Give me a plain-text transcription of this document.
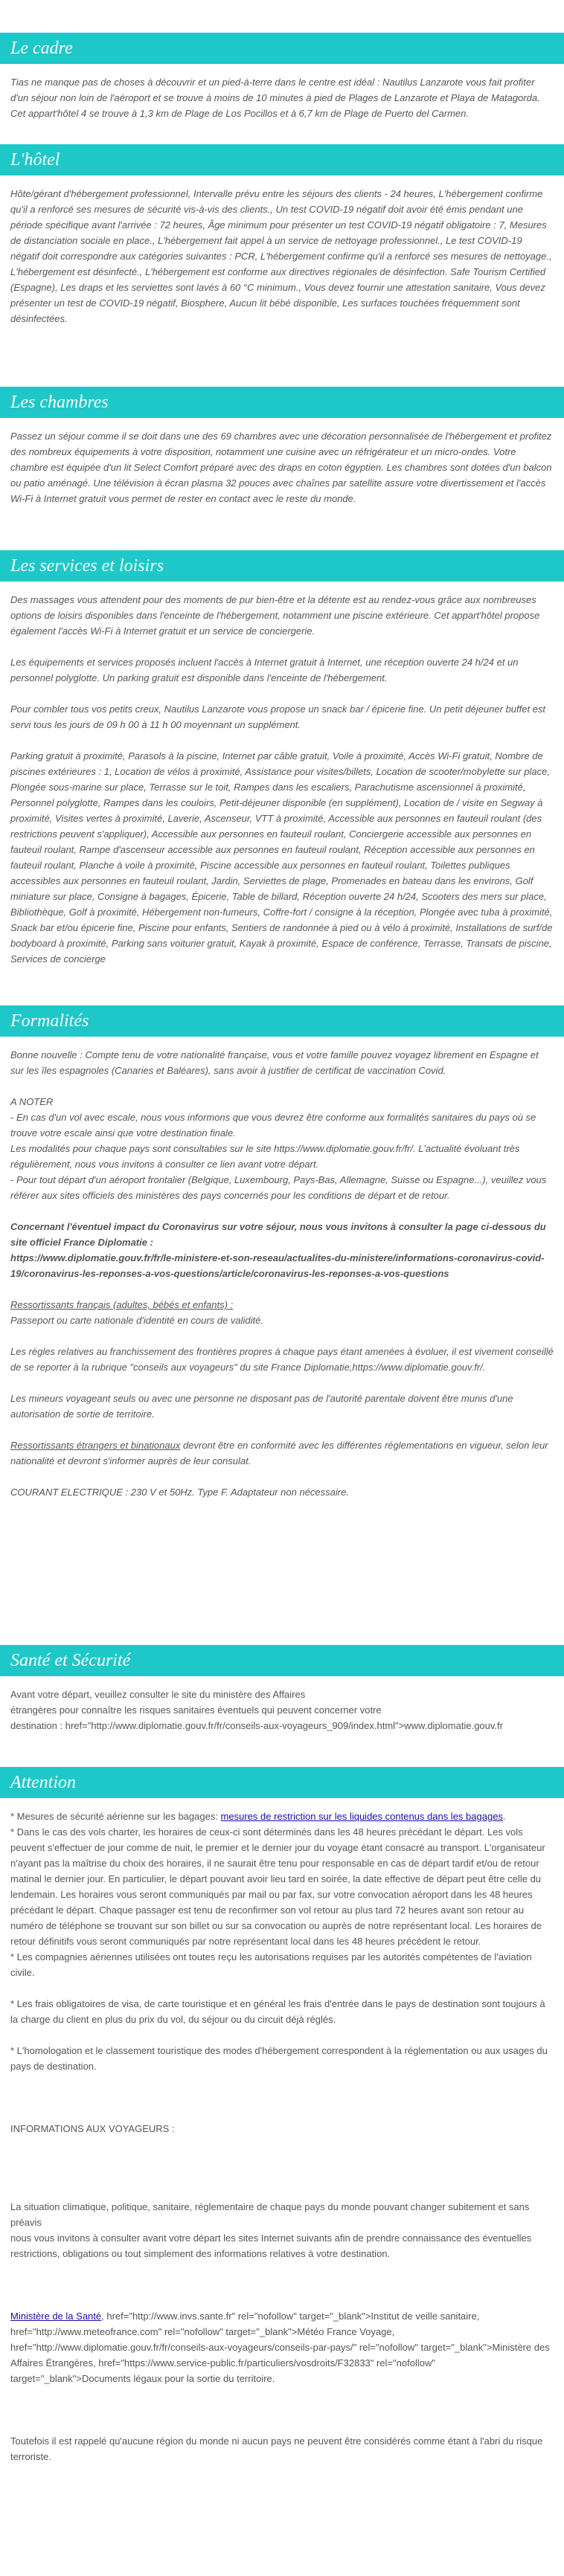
Le cadre

Tias ne manque pas de choses à découvrir et un pied-à-terre dans le centre est idéal : Nautilus Lanzarote vous fait profiter d'un séjour non loin de l'aéroport et se trouve à moins de 10 minutes à pied de Plages de Lanzarote et Playa de Matagorda. Cet appart'hôtel 4 se trouve à 1,3 km de Plage de Los Pocillos et à 6,7 km de Plage de Puerto del Carmen.

L'hôtel

Hôte/gérant d'hébergement professionnel, Intervalle prévu entre les séjours des clients - 24 heures, L'hébergement confirme qu'il a renforcé ses mesures de sécurité vis-à-vis des clients., Un test COVID-19 négatif doit avoir été émis pendant une période spécifique avant l'arrivée : 72 heures, Âge minimum pour présenter un test COVID-19 négatif obligatoire : 7, Mesures de distanciation sociale en place., L'hébergement fait appel à un service de nettoyage professionnel., Le test COVID-19 négatif doit correspondre aux catégories suivantes : PCR, L'hébergement confirme qu'il a renforcé ses mesures de nettoyage., L'hébergement est désinfecté., L'hébergement est conforme aux directives régionales de désinfection. Safe Tourism Certified (Espagne), Les draps et les serviettes sont lavés à 60 °C minimum., Vous devez fournir une attestation sanitaire, Vous devez présenter un test de COVID-19 négatif, Biosphere, Aucun lit bébé disponible, Les surfaces touchées fréquemment sont désinfectées.

Les chambres

Passez un séjour comme il se doit dans une des 69 chambres avec une décoration personnalisée de l'hébergement et profitez des nombreux équipements à votre disposition, notamment une cuisine avec un réfrigérateur et un micro-ondes. Votre chambre est équipée d'un lit Select Comfort préparé avec des draps en coton égyptien. Les chambres sont dotées d'un balcon ou patio aménagé. Une télévision à écran plasma 32 pouces avec chaînes par satellite assure votre divertissement et l'accès Wi-Fi à Internet gratuit vous permet de rester en contact avec le reste du monde.

Les services et loisirs

Des massages vous attendent pour des moments de pur bien-être et la détente est au rendez-vous grâce aux nombreuses options de loisirs disponibles dans l'enceinte de l'hébergement, notamment une piscine extérieure. Cet appart'hôtel propose également l'accès Wi-Fi à Internet gratuit et un service de conciergerie.

Les équipements et services proposés incluent l'accès à Internet gratuit à Internet, une réception ouverte 24 h/24 et un personnel polyglotte. Un parking gratuit est disponible dans l'enceinte de l'hébergement.

Pour combler tous vos petits creux, Nautilus Lanzarote vous propose un snack bar / épicerie fine. Un petit déjeuner buffet est servi tous les jours de 09 h 00 à 11 h 00 moyennant un supplément.

Parking gratuit à proximité, Parasols à la piscine, Internet par câble gratuit, Voile à proximité, Accès Wi-Fi gratuit, Nombre de piscines extérieures : 1, Location de vélos à proximité, Assistance pour visites/billets, Location de scooter/mobylette sur place, Plongée sous-marine sur place, Terrasse sur le toit, Rampes dans les escaliers, Parachutisme ascensionnel à proximité, Personnel polyglotte, Rampes dans les couloirs, Petit-déjeuner disponible (en supplément), Location de / visite en Segway à proximité, Visites vertes à proximité, Laverie, Ascenseur, VTT à proximité, Accessible aux personnes en fauteuil roulant (des restrictions peuvent s'appliquer), Accessible aux personnes en fauteuil roulant, Conciergerie accessible aux personnes en fauteuil roulant, Rampe d'ascenseur accessible aux personnes en fauteuil roulant, Réception accessible aux personnes en fauteuil roulant, Planche à voile à proximité, Piscine accessible aux personnes en fauteuil roulant, Toilettes publiques accessibles aux personnes en fauteuil roulant, Jardin, Serviettes de plage, Promenades en bateau dans les environs, Golf miniature sur place, Consigne à bagages, Épicerie, Table de billard, Réception ouverte 24 h/24, Scooters des mers sur place, Bibliothèque, Golf à proximité, Hébergement non-fumeurs, Coffre-fort / consigne à la réception, Plongée avec tuba à proximité, Snack bar et/ou épicerie fine, Piscine pour enfants, Sentiers de randonnée à pied ou à vélo à proximité, Installations de surf/de bodyboard à proximité, Parking sans voiturier gratuit, Kayak à proximité, Espace de conférence, Terrasse, Transats de piscine, Services de concierge

Formalités

Bonne nouvelle : Compte tenu de votre nationalité française, vous et votre famille pouvez voyagez librement en Espagne et sur les îles espagnoles (Canaries et Baléares), sans avoir à justifier de certificat de vaccination Covid.

A NOTER
- En cas d'un vol avec escale, nous vous informons que vous devrez être conforme aux formalités sanitaires du pays où se trouve votre escale ainsi que votre destination finale.
Les modalités pour chaque pays sont consultables sur le site https://www.diplomatie.gouv.fr/fr/. L'actualité évoluant très régulièrement, nous vous invitons à consulter ce lien avant votre départ.
- Pour tout départ d'un aéroport frontalier (Belgique, Luxembourg, Pays-Bas, Allemagne, Suisse ou Espagne...), veuillez vous référer aux sites officiels des ministères des pays concernés pour les conditions de départ et de retour.

Concernant l'éventuel impact du Coronavirus sur votre séjour, nous vous invitons à consulter la page ci-dessous du site officiel France Diplomatie :
https://www.diplomatie.gouv.fr/fr/le-ministere-et-son-reseau/actualites-du-ministere/informations-coronavirus-covid-19/coronavirus-les-reponses-a-vos-questions/article/coronavirus-les-reponses-a-vos-questions

Ressortissants français (adultes, bébés et enfants) :
Passeport ou carte nationale d'identité en cours de validité.

Les règles relatives au franchissement des frontières propres à chaque pays étant amenées à évoluer, il est vivement conseillé de se reporter à la rubrique "conseils aux voyageurs" du site France Diplomatie,https://www.diplomatie.gouv.fr/.

Les mineurs voyageant seuls ou avec une personne ne disposant pas de l'autorité parentale doivent être munis d'une autorisation de sortie de territoire.

Ressortissants étrangers et binationaux devront être en conformité avec les différentes réglementations en vigueur, selon leur nationalité et devront s'informer auprès de leur consulat.

COURANT ELECTRIQUE : 230 V et 50Hz. Type F. Adaptateur non nécessaire.

Santé et Sécurité

Avant votre départ, veuillez consulter le site du ministère des Affaires
étrangères pour connaître les risques sanitaires éventuels qui peuvent concerner votre
destination : href="http://www.diplomatie.gouv.fr/fr/conseils-aux-voyageurs_909/index.html">www.diplomatie.gouv.fr

Attention

* Mesures de sécurité aérienne sur les bagages: mesures de restriction sur les liquides contenus dans les bagages.

* Dans le cas des vols charter, les horaires de ceux-ci sont déterminés dans les 48 heures précédant le départ. Les vols peuvent s'effectuer de jour comme de nuit, le premier et le dernier jour du voyage étant consacré au transport. L'organisateur n'ayant pas la maîtrise du choix des horaires, il ne saurait être tenu pour responsable en cas de départ tardif et/ou de retour matinal le dernier jour. En particulier, le départ pouvant avoir lieu tard en soirée, la date effective de départ peut être celle du lendemain. Les horaires vous seront communiqués par mail ou par fax, sur votre convocation aéroport dans les 48 heures précédant le départ. Chaque passager est tenu de reconfirmer son vol retour au plus tard 72 heures avant son retour au numéro de téléphone se trouvant sur son billet ou sur sa convocation ou auprès de notre représentant local. Les horaires de retour définitifs vous seront communiqués par notre représentant local dans les 48 heures précédent le retour.
* Les compagnies aériennes utilisées ont toutes reçu les autorisations requises par les autorités compétentes de l'aviation civile.

* Les frais obligatoires de visa, de carte touristique et en général les frais d'entrée dans le pays de destination sont toujours à la charge du client en plus du prix du vol, du séjour ou du circuit déjà réglés.

* L'homologation et le classement touristique des modes d'hébergement correspondent à la réglementation ou aux usages du pays de destination.

INFORMATIONS AUX VOYAGEURS :

La situation climatique, politique, sanitaire, réglementaire de chaque pays du monde pouvant changer subitement et sans préavis
nous vous invitons à consulter avant votre départ les sites Internet suivants afin de prendre connaissance des éventuelles restrictions, obligations ou tout simplement des informations relatives à votre destination.

Ministère de la Santé, href="http://www.invs.sante.fr" rel="nofollow" target="_blank">Institut de veille sanitaire, href="http://www.meteofrance.com" rel="nofollow" target="_blank">Météo France Voyage, href="http://www.diplomatie.gouv.fr/fr/conseils-aux-voyageurs/conseils-par-pays/" rel="nofollow" target="_blank">Ministère des Affaires Étrangères, href="https://www.service-public.fr/particuliers/vosdroits/F32833" rel="nofollow" target="_blank">Documents légaux pour la sortie du territoire.

Toutefois il est rappelé qu'aucune région du monde ni aucun pays ne peuvent être considérés comme étant à l'abri du risque terroriste.
